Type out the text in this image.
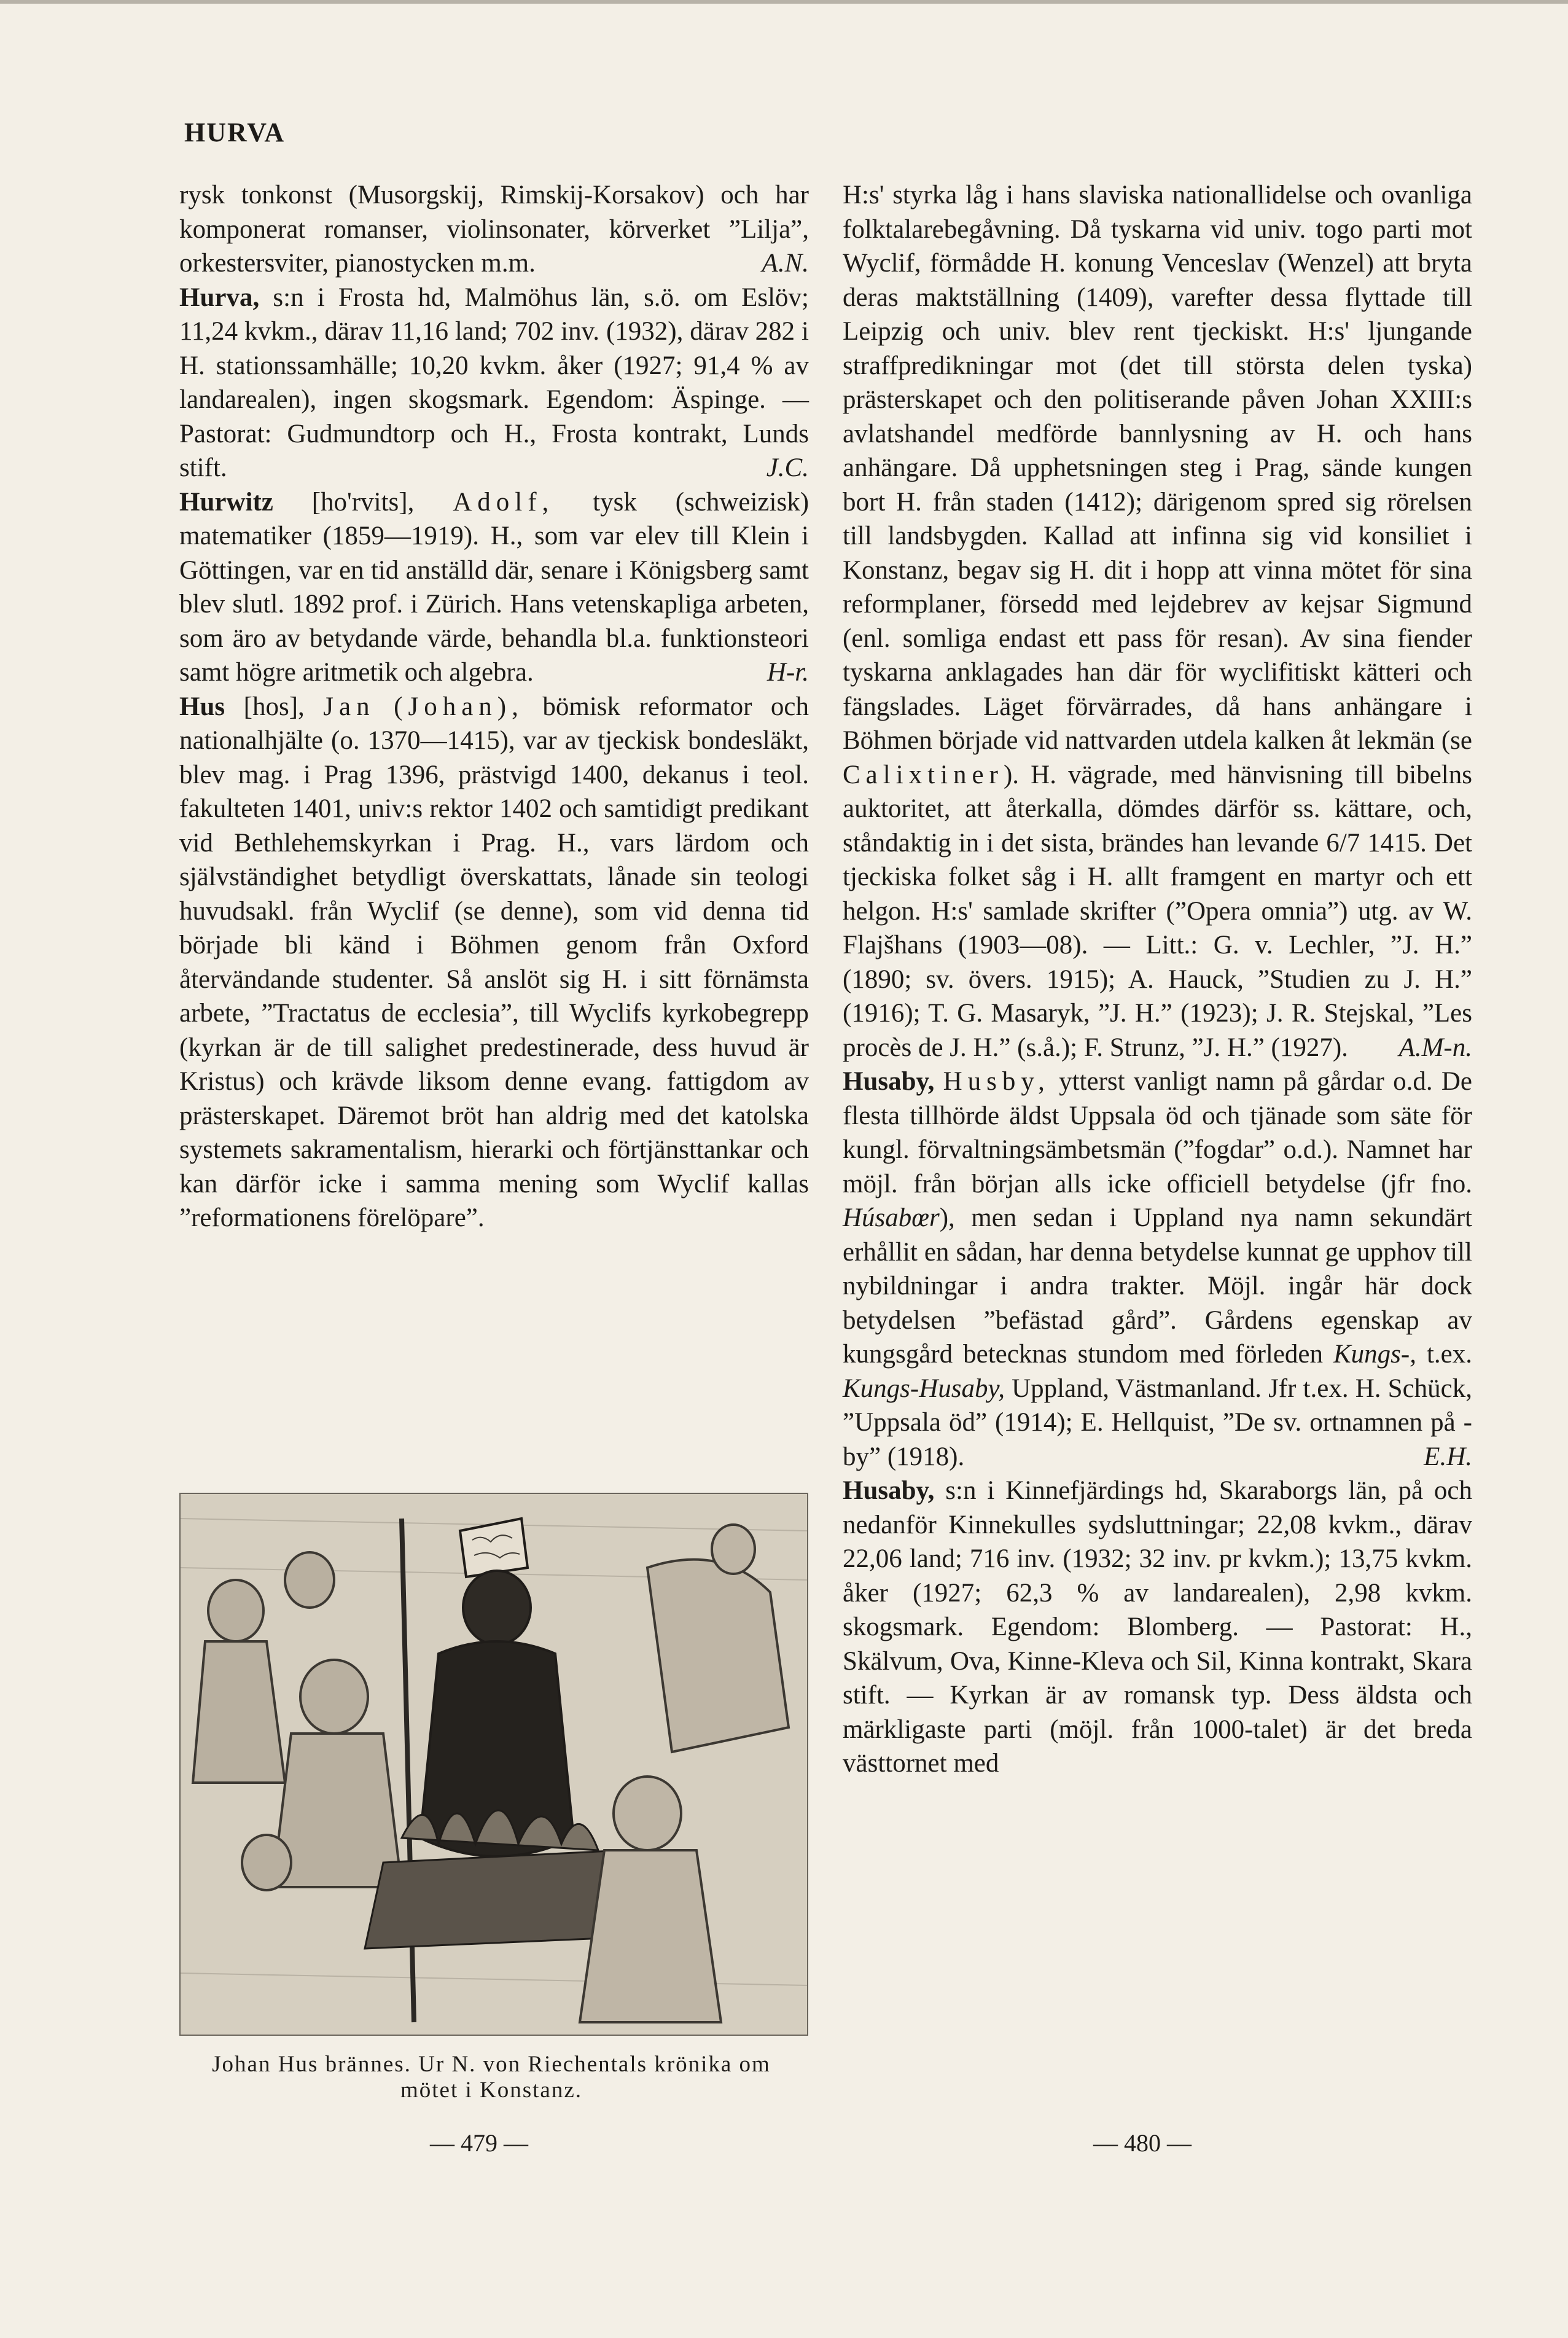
HURVA

rysk tonkonst (Musorgskij, Rimskij-Korsakov) och har komponerat romanser, violinsonater, körverket ”Lilja”, orkestersviter, pianostycken m.m.	A.N.

Hurva, s:n i Frosta hd, Malmöhus län, s.ö. om Eslöv; 11,24 kvkm., därav 11,16 land; 702 inv. (1932), därav 282 i H. stationssamhälle; 10,20 kvkm. åker (1927; 91,4 % av landarealen), ingen skogsmark. Egendom: Äspinge. — Pastorat: Gudmundtorp och H., Frosta kontrakt, Lunds stift.	J.C.

Hurwitz [ho'rvits], Adolf, tysk (schweizisk) matematiker (1859—1919). H., som var elev till Klein i Göttingen, var en tid anställd där, senare i Königsberg samt blev slutl. 1892 prof. i Zürich. Hans vetenskapliga arbeten, som äro av betydande värde, behandla bl.a. funktionsteori samt högre aritmetik och algebra.	H-r.

Hus [hos], Jan (Johan), bömisk reformator och nationalhjälte (o. 1370—1415), var av tjeckisk bondesläkt, blev mag. i Prag 1396, prästvigd 1400, dekanus i teol. fakulteten 1401, univ:s rektor 1402 och samtidigt predikant vid Bethlehemskyrkan i Prag. H., vars lärdom och självständighet betydligt överskattats, lånade sin teologi huvudsakl. från Wyclif (se denne), som vid denna tid började bli känd i Böhmen genom från Oxford återvändande studenter. Så anslöt sig H. i sitt förnämsta arbete, ”Tractatus de ecclesia”, till Wyclifs kyrkobegrepp (kyrkan är de till salighet predestinerade, dess huvud är Kristus) och krävde liksom denne evang. fattigdom av prästerskapet. Däremot bröt han aldrig med det katolska systemets sakramentalism, hierarki och förtjänsttankar och kan därför icke i samma mening som Wyclif kallas ”reformationens förelöpare”.

Johan Hus brännes. Ur N. von Riechentals krönika om mötet i Konstanz.

H:s' styrka låg i hans slaviska nationallidelse och ovanliga folktalarebegåvning. Då tyskarna vid univ. togo parti mot Wyclif, förmådde H. konung Venceslav (Wenzel) att bryta deras maktställning (1409), varefter dessa flyttade till Leipzig och univ. blev rent tjeckiskt. H:s' ljungande straffpredikningar mot (det till största delen tyska) prästerskapet och den politiserande påven Johan XXIII:s avlatshandel medförde bannlysning av H. och hans anhängare. Då upphetsningen steg i Prag, sände kungen bort H. från staden (1412); därigenom spred sig rörelsen till landsbygden. Kallad att infinna sig vid konsiliet i Konstanz, begav sig H. dit i hopp att vinna mötet för sina reformplaner, försedd med lejdebrev av kejsar Sigmund (enl. somliga endast ett pass för resan). Av sina fiender tyskarna anklagades han där för wyclifitiskt kätteri och fängslades. Läget förvärrades, då hans anhängare i Böhmen började vid nattvarden utdela kalken åt lekmän (se Calixtiner). H. vägrade, med hänvisning till bibelns auktoritet, att återkalla, dömdes därför ss. kättare, och, ståndaktig in i det sista, brändes han levande 6/7 1415. Det tjeckiska folket såg i H. allt framgent en martyr och ett helgon. H:s' samlade skrifter (”Opera omnia”) utg. av W. Flajšhans (1903—08). — Litt.: G. v. Lechler, ”J. H.” (1890; sv. övers. 1915); A. Hauck, ”Studien zu J. H.” (1916); T. G. Masaryk, ”J. H.” (1923); J. R. Stejskal, ”Les procès de J. H.” (s.å.); F. Strunz, ”J. H.” (1927). A.M-n.

Husaby, Husby, ytterst vanligt namn på gårdar o.d. De flesta tillhörde äldst Uppsala öd och tjänade som säte för kungl. förvaltningsämbetsmän (”fogdar” o.d.). Namnet har möjl. från början alls icke officiell betydelse (jfr fno. Húsabœr), men sedan i Uppland nya namn sekundärt erhållit en sådan, har denna betydelse kunnat ge upphov till nybildningar i andra trakter. Möjl. ingår här dock betydelsen ”befästad gård”. Gårdens egenskap av kungsgård betecknas stundom med förleden Kungs-, t.ex. Kungs-Husaby, Uppland, Västmanland. Jfr t.ex. H. Schück, ”Uppsala öd” (1914); E. Hellquist, ”De sv. ortnamnen på -by” (1918).	E.H.

Husaby, s:n i Kinnefjärdings hd, Skaraborgs län, på och nedanför Kinnekulles sydsluttningar; 22,08 kvkm., därav 22,06 land; 716 inv. (1932; 32 inv. pr kvkm.); 13,75 kvkm. åker (1927; 62,3 % av landarealen), 2,98 kvkm. skogsmark. Egendom: Blomberg. — Pastorat: H., Skälvum, Ova, Kinne-Kleva och Sil, Kinna kontrakt, Skara stift. — Kyrkan är av romansk typ. Dess äldsta och märkligaste parti (möjl. från 1000-talet) är det breda västtornet med

— 479 —	— 480 —
